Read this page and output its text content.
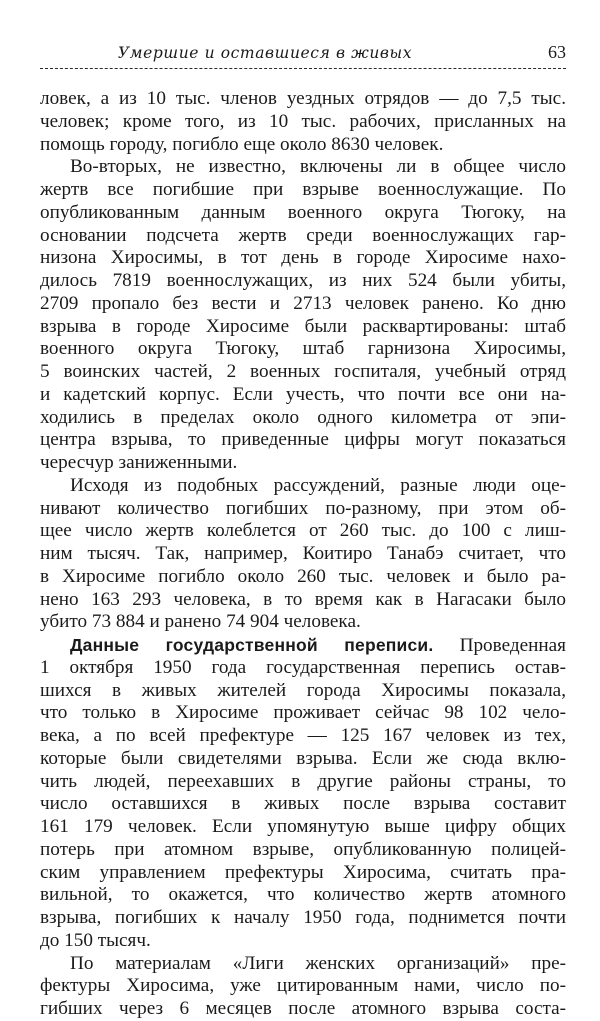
Умершие и оставшиеся в живых	63
ловек, а из 10 тыс. членов уездных отрядов — до 7,5 тыс.
человек; кроме того, из 10 тыс. рабочих, присланных на
помощь городу, погибло еще около 8630 человек.
Во-вторых, не известно, включены ли в общее число
жертв все погибшие при взрыве военнослужащие. По
опубликованным данным военного округа Тюгоку, на
основании подсчета жертв среди военнослужащих гар-
низона Хиросимы, в тот день в городе Хиросиме нахо-
дилось 7819 военнослужащих, из них 524 были убиты,
2709 пропало без вести и 2713 человек ранено. Ко дню
взрыва в городе Хиросиме были расквартированы: штаб
военного округа Тюгоку, штаб гарнизона Хиросимы,
5 воинских частей, 2 военных госпиталя, учебный отряд
и кадетский корпус. Если учесть, что почти все они на-
ходились в пределах около одного километра от эпи-
центра взрыва, то приведенные цифры могут показаться
чересчур заниженными.
Исходя из подобных рассуждений, разные люди оце-
нивают количество погибших по-разному, при этом об-
щее число жертв колеблется от 260 тыс. до 100 с лиш-
ним тысяч. Так, например, Коитиро Танабэ считает, что
в Хиросиме погибло около 260 тыс. человек и было ра-
нено 163 293 человека, в то время как в Нагасаки было
убито 73 884 и ранено 74 904 человека.
Данные государственной переписи. Проведенная
1 октября 1950 года государственная перепись остав-
шихся в живых жителей города Хиросимы показала,
что только в Хиросиме проживает сейчас 98 102 чело-
века, а по всей префектуре — 125 167 человек из тех,
которые были свидетелями взрыва. Если же сюда вклю-
чить людей, переехавших в другие районы страны, то
число оставшихся в живых после взрыва составит
161 179 человек. Если упомянутую выше цифру общих
потерь при атомном взрыве, опубликованную полицей-
ским управлением префектуры Хиросима, считать пра-
вильной, то окажется, что количество жертв атомного
взрыва, погибших к началу 1950 года, поднимется почти
до 150 тысяч.
По материалам «Лиги женских организаций» пре-
фектуры Хиросима, уже цитированным нами, число по-
гибших через 6 месяцев после атомного взрыва соста-
